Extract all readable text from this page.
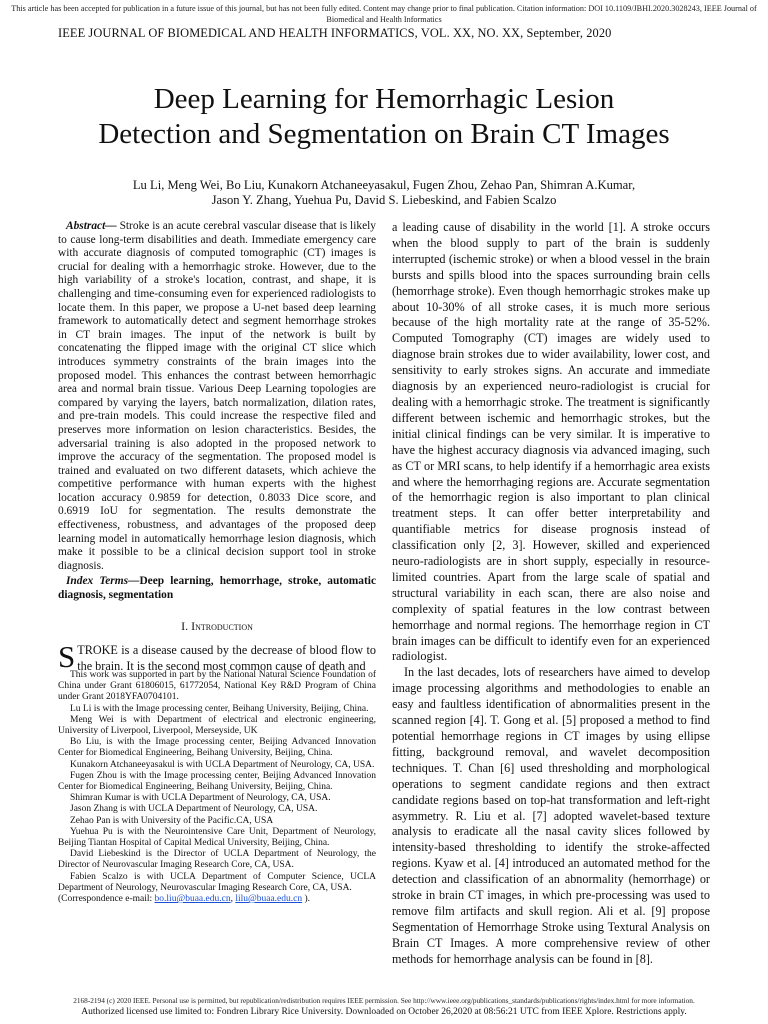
This article has been accepted for publication in a future issue of this journal, but has not been fully edited. Content may change prior to final publication. Citation information: DOI 10.1109/JBHI.2020.3028243, IEEE Journal of
Biomedical and Health Informatics
IEEE JOURNAL OF BIOMEDICAL AND HEALTH INFORMATICS, VOL. XX, NO. XX, September, 2020
Deep Learning for Hemorrhagic Lesion
Detection and Segmentation on Brain CT Images
Lu Li, Meng Wei, Bo Liu, Kunakorn Atchaneeyasakul, Fugen Zhou, Zehao Pan, Shimran A.Kumar,
Jason Y. Zhang, Yuehua Pu, David S. Liebeskind, and Fabien Scalzo

Abstract— Stroke is an acute cerebral vascular disease that is likely to cause long-term disabilities and death. Immediate emergency care with accurate diagnosis of computed tomographic (CT) images is crucial for dealing with a hemorrhagic stroke. However, due to the high variability of a stroke's location, contrast, and shape, it is challenging and time-consuming even for experienced radiologists to locate them. In this paper, we propose a U-net based deep learning framework to automatically detect and segment hemorrhage strokes in CT brain images. The input of the network is built by concatenating the flipped image with the original CT slice which introduces symmetry constraints of the brain images into the proposed model. This enhances the contrast between hemorrhagic area and normal brain tissue. Various Deep Learning topologies are compared by varying the layers, batch normalization, dilation rates, and pre-train models. This could increase the respective filed and preserves more information on lesion characteristics. Besides, the adversarial training is also adopted in the proposed network to improve the accuracy of the segmentation. The proposed model is trained and evaluated on two different datasets, which achieve the competitive performance with human experts with the highest location accuracy 0.9859 for detection, 0.8033 Dice score, and 0.6919 IoU for segmentation. The results demonstrate the effectiveness, robustness, and advantages of the proposed deep learning model in automatically hemorrhage lesion diagnosis, which make it possible to be a clinical decision support tool in stroke diagnosis.

Index Terms—Deep learning, hemorrhage, stroke, automatic diagnosis, segmentation

I. Introduction

STROKE is a disease caused by the decrease of blood flow to the brain. It is the second most common cause of death and

This work was supported in part by the National Natural Science Foundation of China under Grant 61806015, 61772054, National Key R&D Program of China under Grant 2018YFA0704101.

Lu Li is with the Image processing center, Beihang University, Beijing, China.

Meng Wei is with Department of electrical and electronic engineering, University of Liverpool, Liverpool, Merseyside, UK

Bo Liu, is with the Image processing center, Beijing Advanced Innovation Center for Biomedical Engineering, Beihang University, Beijing, China.

Kunakorn Atchaneeyasakul is with UCLA Department of Neurology, CA, USA.

Fugen Zhou is with the Image processing center, Beijing Advanced Innovation Center for Biomedical Engineering, Beihang University, Beijing, China.

Shimran Kumar is with UCLA Department of Neurology, CA, USA.

Jason Zhang is with UCLA Department of Neurology, CA, USA.

Zehao Pan is with University of the Pacific.CA, USA

Yuehua Pu is with the Neurointensive Care Unit, Department of Neurology, Beijing Tiantan Hospital of Capital Medical University, Beijing, China.

David Liebeskind is the Director of UCLA Department of Neurology, the Director of Neurovascular Imaging Research Core, CA, USA.

Fabien Scalzo is with UCLA Department of Computer Science, UCLA Department of Neurology, Neurovascular Imaging Research Core, CA, USA.

(Correspondence e-mail: bo.liu@buaa.edu.cn, lilu@buaa.edu.cn ).

a leading cause of disability in the world [1]. A stroke occurs when the blood supply to part of the brain is suddenly interrupted (ischemic stroke) or when a blood vessel in the brain bursts and spills blood into the spaces surrounding brain cells (hemorrhage stroke). Even though hemorrhagic strokes make up about 10-30% of all stroke cases, it is much more serious because of the high mortality rate at the range of 35-52%. Computed Tomography (CT) images are widely used to diagnose brain strokes due to wider availability, lower cost, and sensitivity to early strokes signs. An accurate and immediate diagnosis by an experienced neuro-radiologist is crucial for dealing with a hemorrhagic stroke. The treatment is significantly different between ischemic and hemorrhagic strokes, but the initial clinical findings can be very similar. It is imperative to have the highest accuracy diagnosis via advanced imaging, such as CT or MRI scans, to help identify if a hemorrhagic area exists and where the hemorrhaging regions are. Accurate segmentation of the hemorrhagic region is also important to plan clinical treatment steps. It can offer better interpretability and quantifiable metrics for disease prognosis instead of classification only [2, 3]. However, skilled and experienced neuro-radiologists are in short supply, especially in resource-limited countries. Apart from the large scale of spatial and structural variability in each scan, there are also noise and complexity of spatial features in the low contrast between hemorrhage and normal regions. The hemorrhage region in CT brain images can be difficult to identify even for an experienced radiologist.

In the last decades, lots of researchers have aimed to develop image processing algorithms and methodologies to enable an easy and faultless identification of abnormalities present in the scanned region [4]. T. Gong et al. [5] proposed a method to find potential hemorrhage regions in CT images by using ellipse fitting, background removal, and wavelet decomposition techniques. T. Chan [6] used thresholding and morphological operations to segment candidate regions and then extract candidate regions based on top-hat transformation and left-right asymmetry. R. Liu et al. [7] adopted wavelet-based texture analysis to eradicate all the nasal cavity slices followed by intensity-based thresholding to identify the stroke-affected regions. Kyaw et al. [4] introduced an automated method for the detection and classification of an abnormality (hemorrhage) or stroke in brain CT images, in which pre-processing was used to remove film artifacts and skull region. Ali et al. [9] propose Segmentation of Hemorrhage Stroke using Textural Analysis on Brain CT Images. A more comprehensive review of other methods for hemorrhage analysis can be found in [8].

2168-2194 (c) 2020 IEEE. Personal use is permitted, but republication/redistribution requires IEEE permission. See http://www.ieee.org/publications_standards/publications/rights/index.html for more information.
Authorized licensed use limited to: Fondren Library Rice University. Downloaded on October 26,2020 at 08:56:21 UTC from IEEE Xplore. Restrictions apply.
